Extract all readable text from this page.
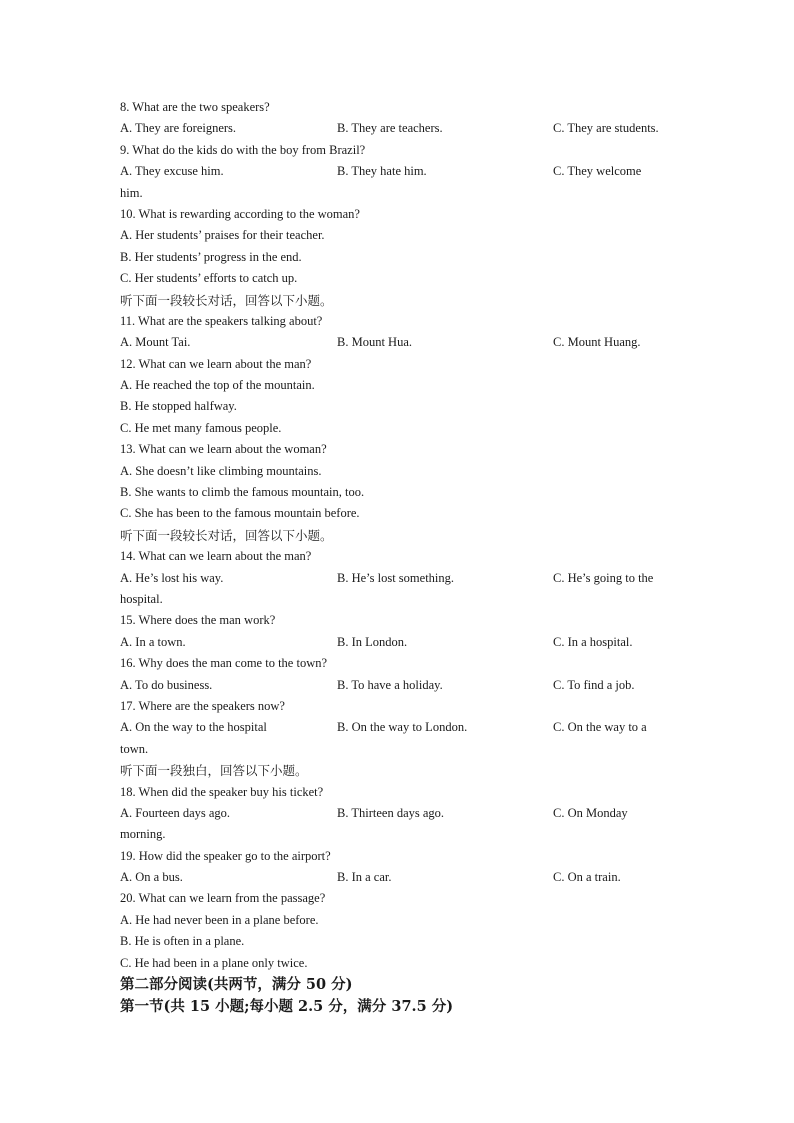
8. What are the two speakers?
A. They are foreigners.	B. They are teachers.	C. They are students.
9. What do the kids do with the boy from Brazil?
A. They excuse him.	B. They hate him.	C. They welcome
him.
10. What is rewarding according to the woman?
A. Her students’ praises for their teacher.
B. Her students’ progress in the end.
C. Her students’ efforts to catch up.
听下面一段较长对话，回答以下小题。
11. What are the speakers talking about?
A. Mount Tai.	B. Mount Hua.	C. Mount Huang.
12. What can we learn about the man?
A. He reached the top of the mountain.
B. He stopped halfway.
C. He met many famous people.
13. What can we learn about the woman?
A. She doesn’t like climbing mountains.
B. She wants to climb the famous mountain, too.
C. She has been to the famous mountain before.
听下面一段较长对话，回答以下小题。
14. What can we learn about the man?
A. He’s lost his way.	B. He’s lost something.	C. He’s going to the
hospital.
15. Where does the man work?
A. In a town.	B. In London.	C. In a hospital.
16. Why does the man come to the town?
A. To do business.	B. To have a holiday.	C. To find a job.
17. Where are the speakers now?
A. On the way to the hospital	B. On the way to London.	C. On the way to a
town.
听下面一段独白，回答以下小题。
18. When did the speaker buy his ticket?
A. Fourteen days ago.	B. Thirteen days ago.	C. On Monday
morning.
19. How did the speaker go to the airport?
A. On a bus.	B. In a car.	C. On a train.
20. What can we learn from the passage?
A. He had never been in a plane before.
B. He is often in a plane.
C. He had been in a plane only twice.
第二部分阅读(共两节，满分 50 分)
第一节(共 15 小题;每小题 2.5 分，满分 37.5 分)
